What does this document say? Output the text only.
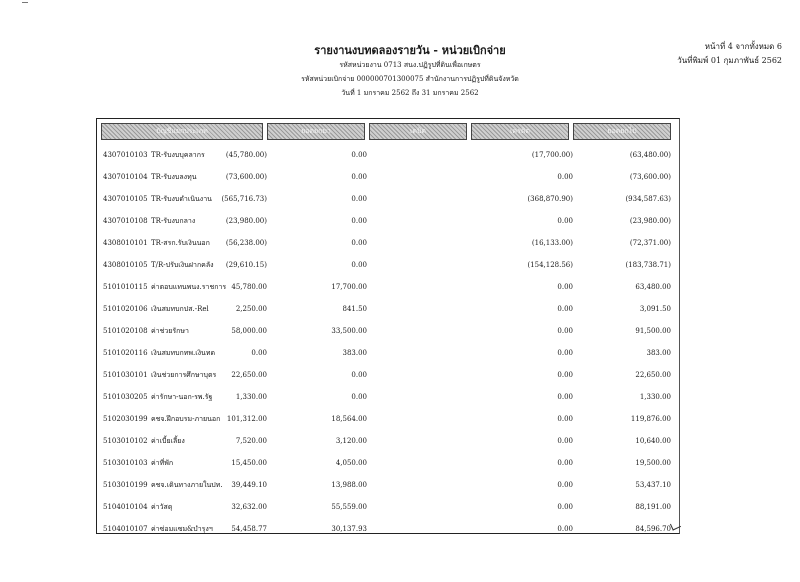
หน้าที่ 4 จากทั้งหมด 6
วันที่พิมพ์ 01 กุมภาพันธ์ 2562
รายงานงบทดลองรายวัน - หน่วยเบิกจ่าย
รหัสหน่วยงาน 0713 สนง.ปฏิรูปที่ดินเพื่อเกษตร
รหัสหน่วยเบิกจ่าย 000000701300075 สำนักงานการปฏิรูปที่ดินจังหวัด
วันที่ 1 มกราคม 2562 ถึง 31 มกราคม 2562
บัญชีแยกประเภท	ยอดยกมา	เดบิต	เครดิต	ยอดยกไป
4307010103 TR-รับงบบุคลากร	(45,780.00)	0.00	(17,700.00)	(63,480.00)
4307010104 TR-รับงบลงทุน	(73,600.00)	0.00	0.00	(73,600.00)
4307010105 TR-รับงบดำเนินงาน (565,716.73)	0.00	(368,870.90)	(934,587.63)
4307010108 TR-รับงบกลาง	(23,980.00)	0.00	0.00	(23,980.00)
4308010101 TR-สรก.รับเงินนอก (56,238.00)	0.00	(16,133.00)	(72,371.00)
4308010105 T/R-ปรับเงินฝากคลัง (29,610.15)	0.00	(154,128.56)	(183,738.71)
5101010115 ค่าตอบแทนพนง.ราชการ 45,780.00	17,700.00	0.00	63,480.00
5101020106 เงินสมทบกปส.-Rel	2,250.00	841.50	0.00	3,091.50
5101020108 ค่าช่วยรักษา	58,000.00	33,500.00	0.00	91,500.00
5101020116 เงินสมทบกทพ.เงินทด	0.00	383.00	0.00	383.00
5101030101 เงินช่วยการศึกษาบุตร 22,650.00	0.00	0.00	22,650.00
5101030205 ค่ารักษา-นอก-รพ.รัฐ	1,330.00	0.00	0.00	1,330.00
5102030199 คชจ.ฝึกอบรม-ภายนอก 101,312.00	18,564.00	0.00	119,876.00
5103010102 ค่าเบี้ยเลี้ยง	7,520.00	3,120.00	0.00	10,640.00
5103010103 ค่าที่พัก	15,450.00	4,050.00	0.00	19,500.00
5103010199 คชจ.เดินทางภายในปท. 39,449.10	13,988.00	0.00	53,437.10
5104010104 ค่าวัสดุ	32,632.00	55,559.00	0.00	88,191.00
5104010107 ค่าซ่อมแซม&บำรุงฯ	54,458.77	30,137.93	0.00	84,596.70
